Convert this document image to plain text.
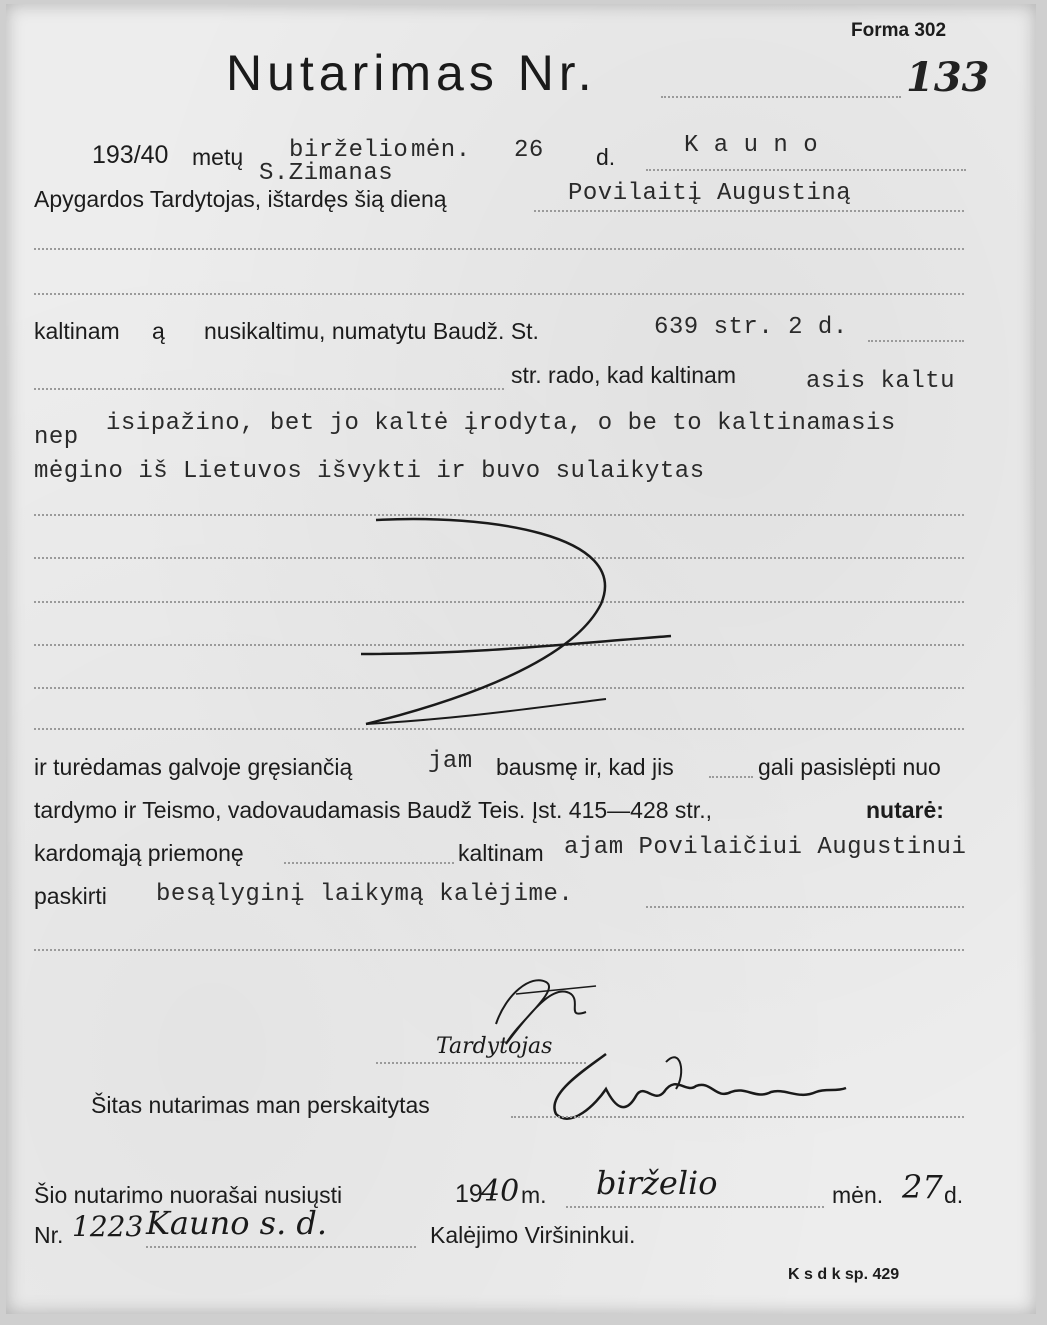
Forma 302
Nutarimas Nr.	133
193/40 metų birželio mėn. 26 d.	K a u n o
S.Zimanas
Apygardos Tardytojas, ištardęs šią dieną	Povilaitį Augustiną
kaltinam ą nusikaltimu, numatytu Baudž. St.	639 str. 2 d.
str. rado, kad kaltinam	asis kaltu
nep
isipažino, bet jo kaltė įrodyta, o be to kaltinamasis
mėgino iš Lietuvos išvykti ir buvo sulaikytas
ir turėdamas galvoje gręsiančią	jam bausmę ir, kad jis	gali pasislėpti nuo
tardymo ir Teismo, vadovaudamasis Baudž Teis. Įst. 415—428 str.,	nutarė:
kardomąją priemonę	kaltinam ajam Povilaičiui Augustinui
paskirti besąlyginį laikymą kalėjime.
Tardytojas
Šitas nutarimas man perskaitytas
Šio nutarimo nuorašai nusiųsti	19
40 m. birželio	mėn. 27 d.
Nr. 1223 Kauno s. d.	Kalėjimo Viršininkui.
K s d k sp. 429
